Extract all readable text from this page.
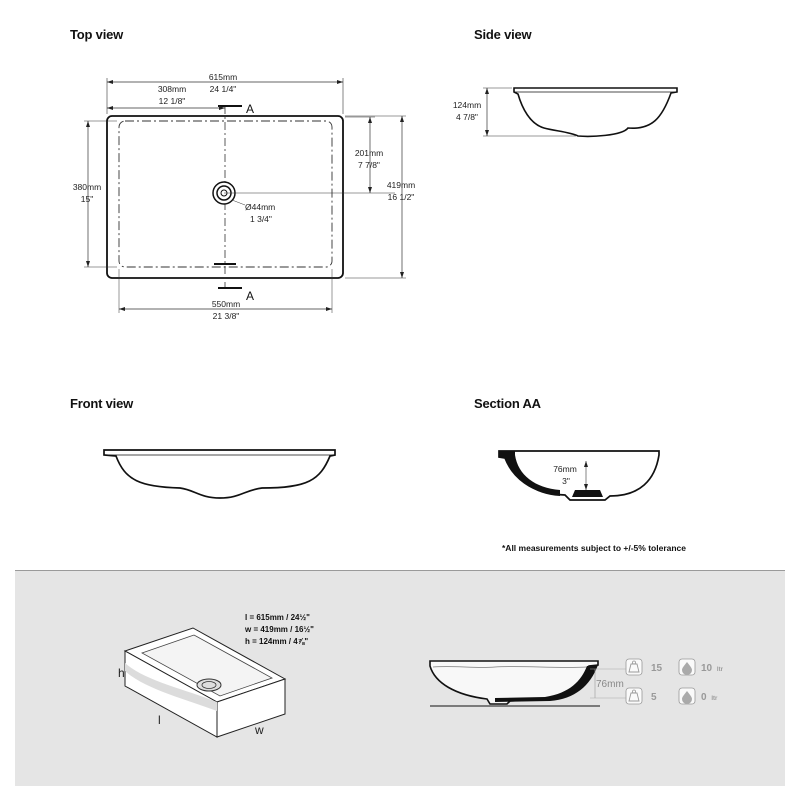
Top view	Side view
Front view	Section AA
A
A
615mm
24 1/4"
308mm
12 1/8"
380mm
15"
201mm
7 7/8"
419mm
16 1/2"
Ø44mm
1 3/4"
550mm
21 3/8"
124mm
4 7/8"
76mm
3"
*All measurements subject to +/-5% tolerance
h
l
w
l = 615mm / 24½"
w = 419mm / 16½"
h = 124mm / 4⅞"
76mm
15
5
10 ltr
0 ltr
